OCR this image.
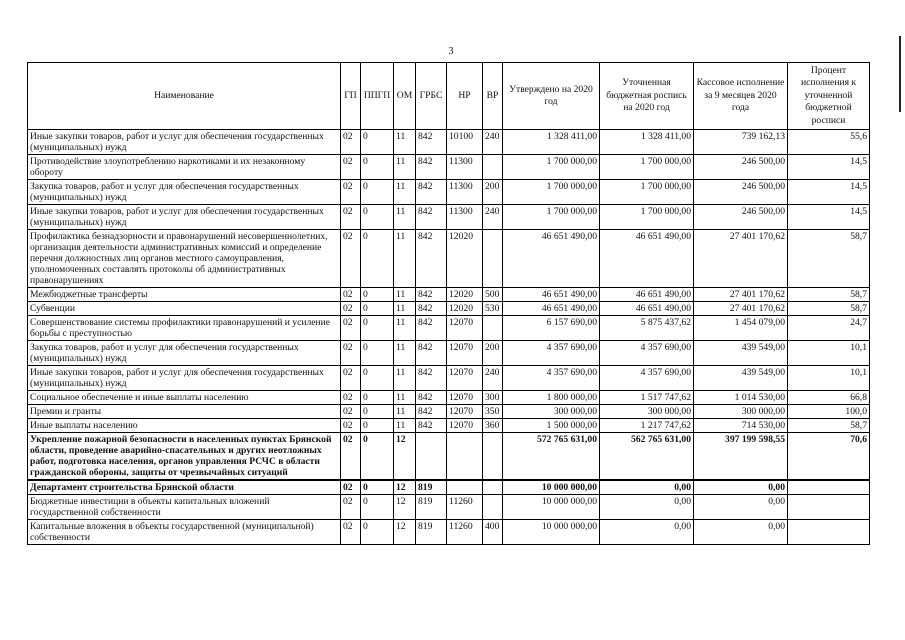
3
Наименование	ГП	ППГП	ОМ	ГРБС	НР	ВР	Утверждено на 2020 год	Уточненная бюджетная роспись на 2020 год	Кассовое исполнение за 9 месяцев 2020 года	Процент исполнения к уточненной бюджетной росписи
Иные закупки товаров, работ и услуг для обеспечения государственных (муниципальных) нужд	02	0	11	842	10100	240	1 328 411,00	1 328 411,00	739 162,13	55,6
Противодействие злоупотреблению наркотиками и их незаконному обороту	02	0	11	842	11300		1 700 000,00	1 700 000,00	246 500,00	14,5
Закупка товаров, работ и услуг для обеспечения государственных (муниципальных) нужд	02	0	11	842	11300	200	1 700 000,00	1 700 000,00	246 500,00	14,5
Иные закупки товаров, работ и услуг для обеспечения государственных (муниципальных) нужд	02	0	11	842	11300	240	1 700 000,00	1 700 000,00	246 500,00	14,5
Профилактика безнадзорности и правонарушений несовершеннолетних, организация деятельности административных комиссий и определение перечня должностных лиц органов местного самоуправления, уполномоченных составлять протоколы об административных правонарушениях	02	0	11	842	12020		46 651 490,00	46 651 490,00	27 401 170,62	58,7
Межбюджетные трансферты	02	0	11	842	12020	500	46 651 490,00	46 651 490,00	27 401 170,62	58,7
Субвенции	02	0	11	842	12020	530	46 651 490,00	46 651 490,00	27 401 170,62	58,7
Совершенствование системы профилактики правонарушений и усиление борьбы с преступностью	02	0	11	842	12070		6 157 690,00	5 875 437,62	1 454 079,00	24,7
Закупка товаров, работ и услуг для обеспечения государственных (муниципальных) нужд	02	0	11	842	12070	200	4 357 690,00	4 357 690,00	439 549,00	10,1
Иные закупки товаров, работ и услуг для обеспечения государственных (муниципальных) нужд	02	0	11	842	12070	240	4 357 690,00	4 357 690,00	439 549,00	10,1
Социальное обеспечение и иные выплаты населению	02	0	11	842	12070	300	1 800 000,00	1 517 747,62	1 014 530,00	66,8
Премии и гранты	02	0	11	842	12070	350	300 000,00	300 000,00	300 000,00	100,0
Иные выплаты населению	02	0	11	842	12070	360	1 500 000,00	1 217 747,62	714 530,00	58,7
Укрепление пожарной безопасности в населенных пунктах Брянской области, проведение аварийно-спасательных и других неотложных работ, подготовка населения, органов управления РСЧС в области гражданской обороны, защиты от чрезвычайных ситуаций	02	0	12				572 765 631,00	562 765 631,00	397 199 598,55	70,6
Департамент строительства Брянской области	02	0	12	819			10 000 000,00	0,00	0,00	
Бюджетные инвестиции в объекты капитальных вложений государственной собственности	02	0	12	819	11260		10 000 000,00	0,00	0,00	
Капитальные вложения в объекты государственной (муниципальной) собственности	02	0	12	819	11260	400	10 000 000,00	0,00	0,00	
